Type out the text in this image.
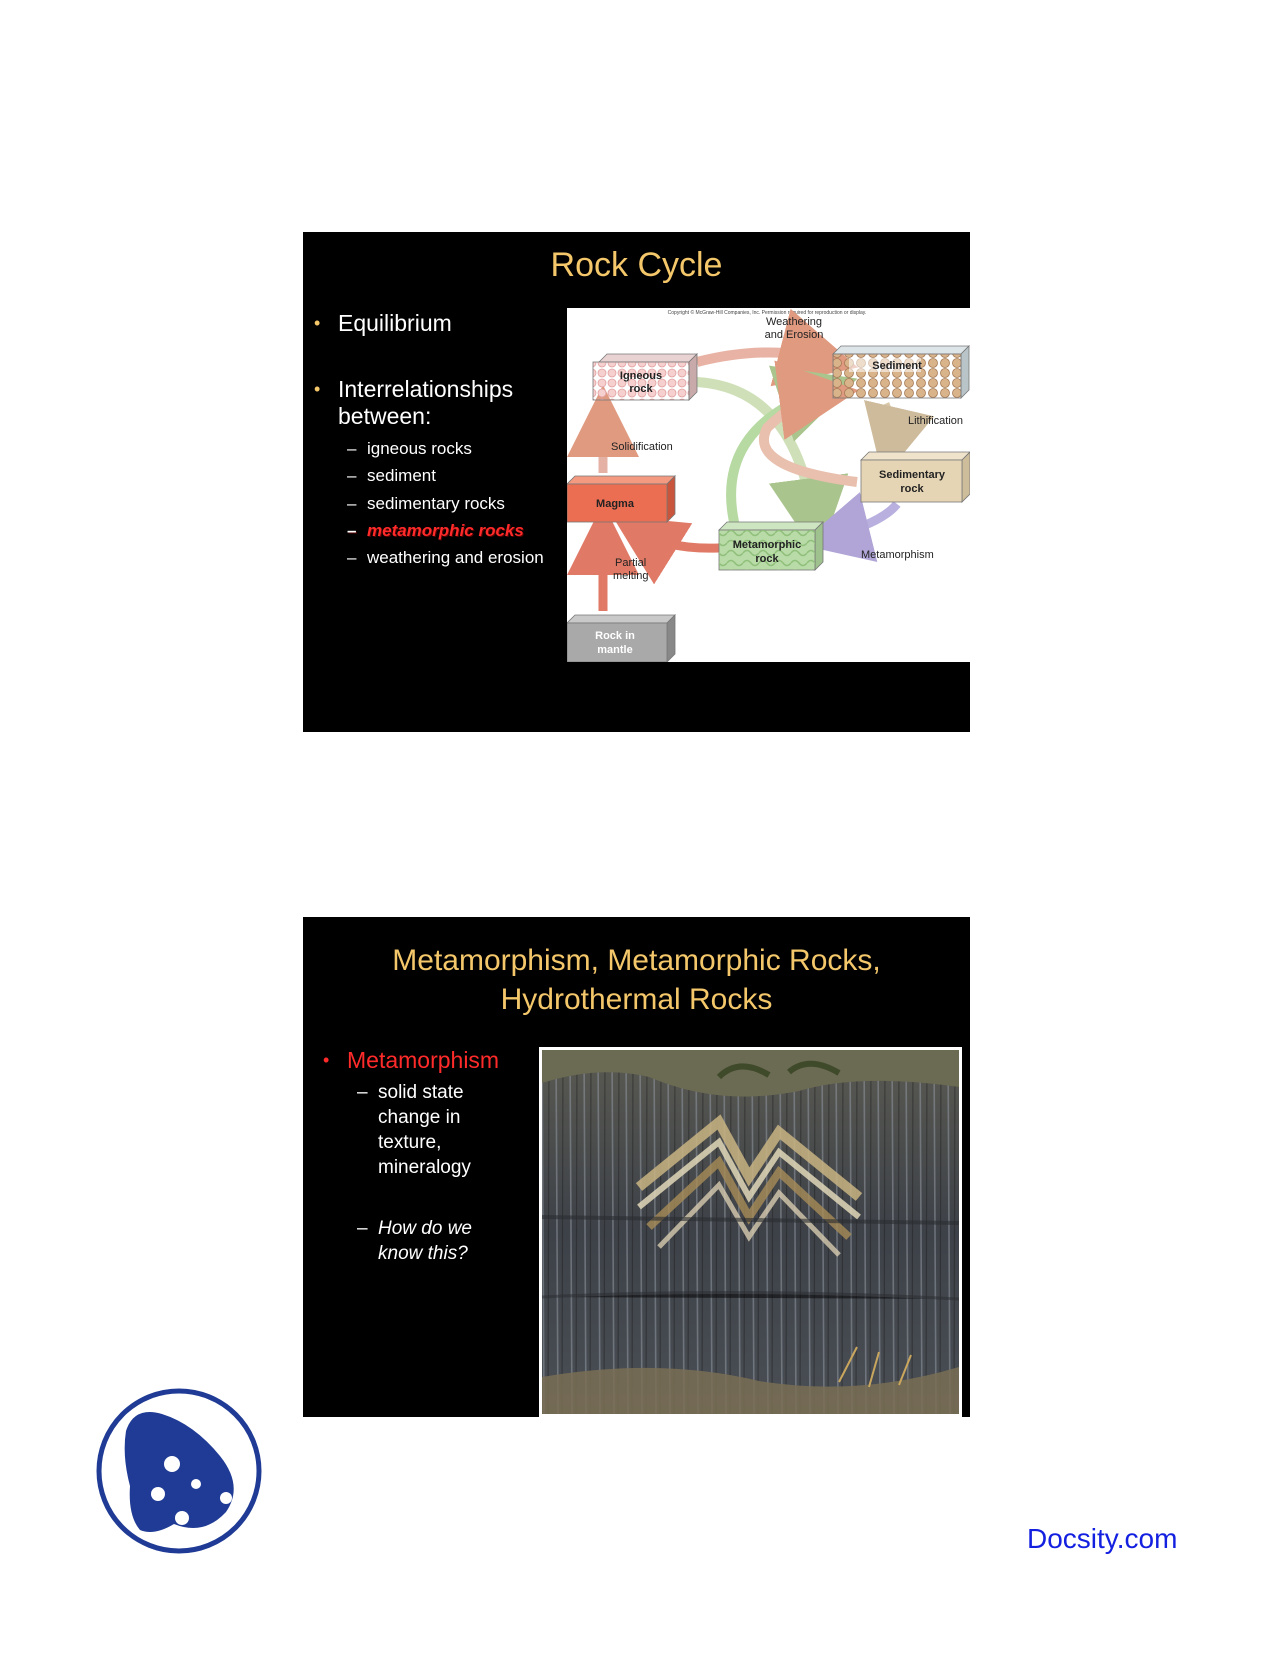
Rock Cycle
• Equilibrium
• Interrelationships
between:
– igneous rocks
– sediment
– sedimentary rocks
– metamorphic rocks
– weathering and erosion
Copyright © McGraw-Hill Companies, Inc. Permission required for reproduction or display.
Igneous
rock
Sediment
Sedimentary
rock
Magma
Metamorphic
rock
Rock in
mantle
Weathering
and Erosion
Lithification
Solidification
Metamorphism
Partial
melting
Metamorphism, Metamorphic Rocks,
Hydrothermal Rocks
• Metamorphism
– solid state
change in
texture,
mineralogy
– How do we
know this?
Docsity.com
